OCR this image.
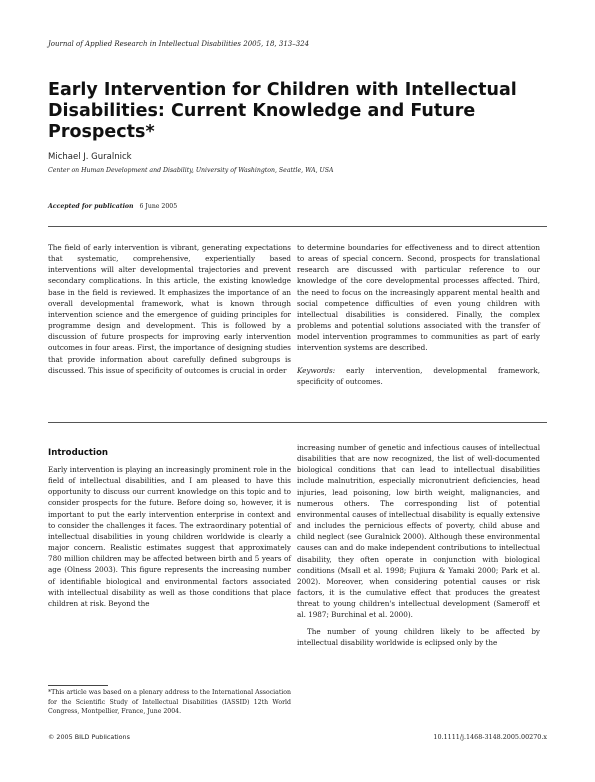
Journal of Applied Research in Intellectual Disabilities 2005, 18, 313–324
Early Intervention for Children with Intellectual Disabilities: Current Knowledge and Future Prospects*
Michael J. Guralnick
Center on Human Development and Disability, University of Washington, Seattle, WA, USA
Accepted for publication 6 June 2005

The field of early intervention is vibrant, generating expectations that systematic, comprehensive, experientially based interventions will alter developmental trajectories and prevent secondary complications. In this article, the existing knowledge base in the field is reviewed. It emphasizes the importance of an overall developmental framework, what is known through intervention science and the emergence of guiding principles for programme design and development. This is followed by a discussion of future prospects for improving early intervention outcomes in four areas. First, the importance of designing studies that provide information about carefully defined subgroups is discussed. This issue of specificity of outcomes is crucial in order

to determine boundaries for effectiveness and to direct attention to areas of special concern. Second, prospects for translational research are discussed with particular reference to our knowledge of the core developmental processes affected. Third, the need to focus on the increasingly apparent mental health and social competence difficulties of even young children with intellectual disabilities is considered. Finally, the complex problems and potential solutions associated with the transfer of model intervention programmes to communities as part of early intervention systems are described.

Keywords: early intervention, developmental framework, specificity of outcomes.

Introduction

Early intervention is playing an increasingly prominent role in the field of intellectual disabilities, and I am pleased to have this opportunity to discuss our current knowledge on this topic and to consider prospects for the future. Before doing so, however, it is important to put the early intervention enterprise in context and to consider the challenges it faces. The extraordinary potential of intellectual disabilities in young children worldwide is clearly a major concern. Realistic estimates suggest that approximately 780 million children may be affected between birth and 5 years of age (Olness 2003). This figure represents the increasing number of identifiable biological and environmental factors associated with intellectual disability as well as those conditions that place children at risk. Beyond the

increasing number of genetic and infectious causes of intellectual disabilities that are now recognized, the list of well-documented biological conditions that can lead to intellectual disabilities include malnutrition, especially micronutrient deficiencies, head injuries, lead poisoning, low birth weight, malignancies, and numerous others. The corresponding list of potential environmental causes of intellectual disability is equally extensive and includes the pernicious effects of poverty, child abuse and child neglect (see Guralnick 2000). Although these environmental causes can and do make independent contributions to intellectual disability, they often operate in conjunction with biological conditions (Msall et al. 1998; Fujiura & Yamaki 2000; Park et al. 2002). Moreover, when considering potential causes or risk factors, it is the cumulative effect that produces the greatest threat to young children's intellectual development (Sameroff et al. 1987; Burchinal et al. 2000).

The number of young children likely to be affected by intellectual disability worldwide is eclipsed only by the

*This article was based on a plenary address to the International Association for the Scientific Study of Intellectual Disabilities (IASSID) 12th World Congress, Montpellier, France, June 2004.
© 2005 BILD Publications	10.1111/j.1468-3148.2005.00270.x
